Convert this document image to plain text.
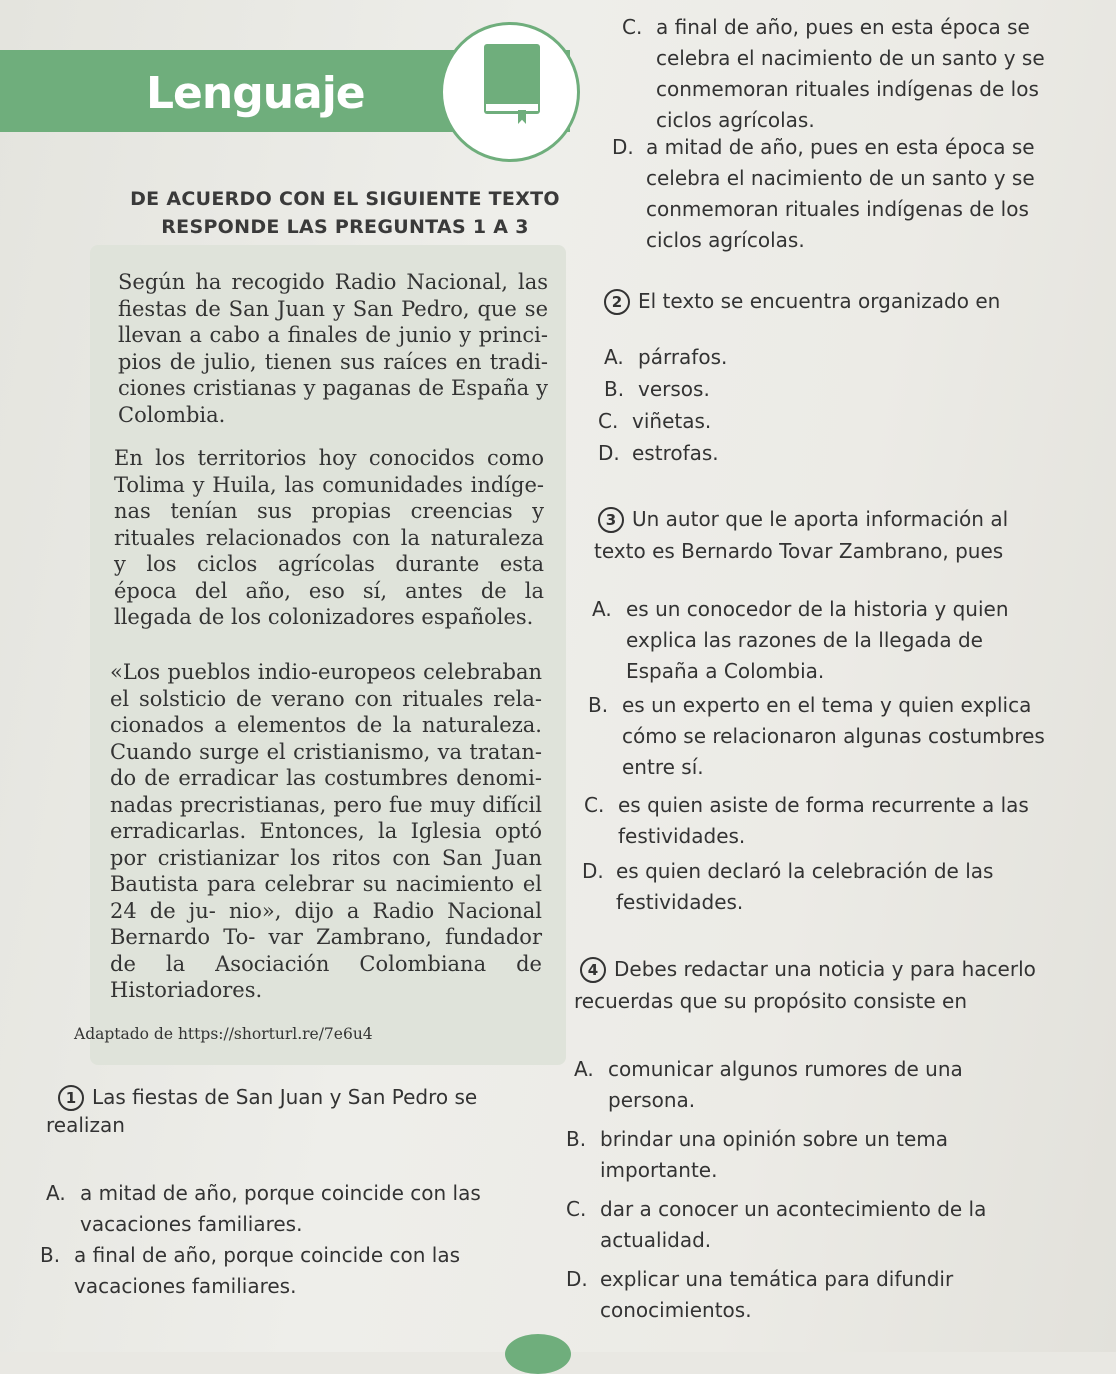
Lenguaje
DE ACUERDO CON EL SIGUIENTE TEXTO
RESPONDE LAS PREGUNTAS 1 A 3

Según ha recogido Radio Nacional, las fiestas de San Juan y San Pedro, que se llevan a cabo a finales de junio y princi- pios de julio, tienen sus raíces en tradi- ciones cristianas y paganas de España y Colombia.

En los territorios hoy conocidos como Tolima y Huila, las comunidades indíge- nas tenían sus propias creencias y rituales relacionados con la naturaleza y los ciclos agrícolas durante esta época del año, eso sí, antes de la llegada de los colonizadores españoles.

«Los pueblos indio-europeos celebraban el solsticio de verano con rituales rela- cionados a elementos de la naturaleza. Cuando surge el cristianismo, va tratan- do de erradicar las costumbres denomi- nadas precristianas, pero fue muy difícil erradicarlas. Entonces, la Iglesia optó por cristianizar los ritos con San Juan Bautista para celebrar su nacimiento el 24 de ju- nio», dijo a Radio Nacional Bernardo To- var Zambrano, fundador de la Asociación Colombiana de Historiadores.

Adaptado de https://shorturl.re/7e6u4

1 Las fiestas de San Juan y San Pedro se
realizan
A. a mitad de año, porque coincide con las
vacaciones familiares.
B. a final de año, porque coincide con las
vacaciones familiares.
C. a final de año, pues en esta época se
celebra el nacimiento de un santo y se
conmemoran rituales indígenas de los
ciclos agrícolas.
D. a mitad de año, pues en esta época se
celebra el nacimiento de un santo y se
conmemoran rituales indígenas de los
ciclos agrícolas.
2 El texto se encuentra organizado en
A. párrafos.
B. versos.
C. viñetas.
D. estrofas.
3 Un autor que le aporta información al
texto es Bernardo Tovar Zambrano, pues
A. es un conocedor de la historia y quien
explica las razones de la llegada de
España a Colombia.
B. es un experto en el tema y quien explica
cómo se relacionaron algunas costumbres
entre sí.
C. es quien asiste de forma recurrente a las
festividades.
D. es quien declaró la celebración de las
festividades.
4 Debes redactar una noticia y para hacerlo
recuerdas que su propósito consiste en
A. comunicar algunos rumores de una
persona.
B. brindar una opinión sobre un tema
importante.
C. dar a conocer un acontecimiento de la
actualidad.
D. explicar una temática para difundir
conocimientos.
